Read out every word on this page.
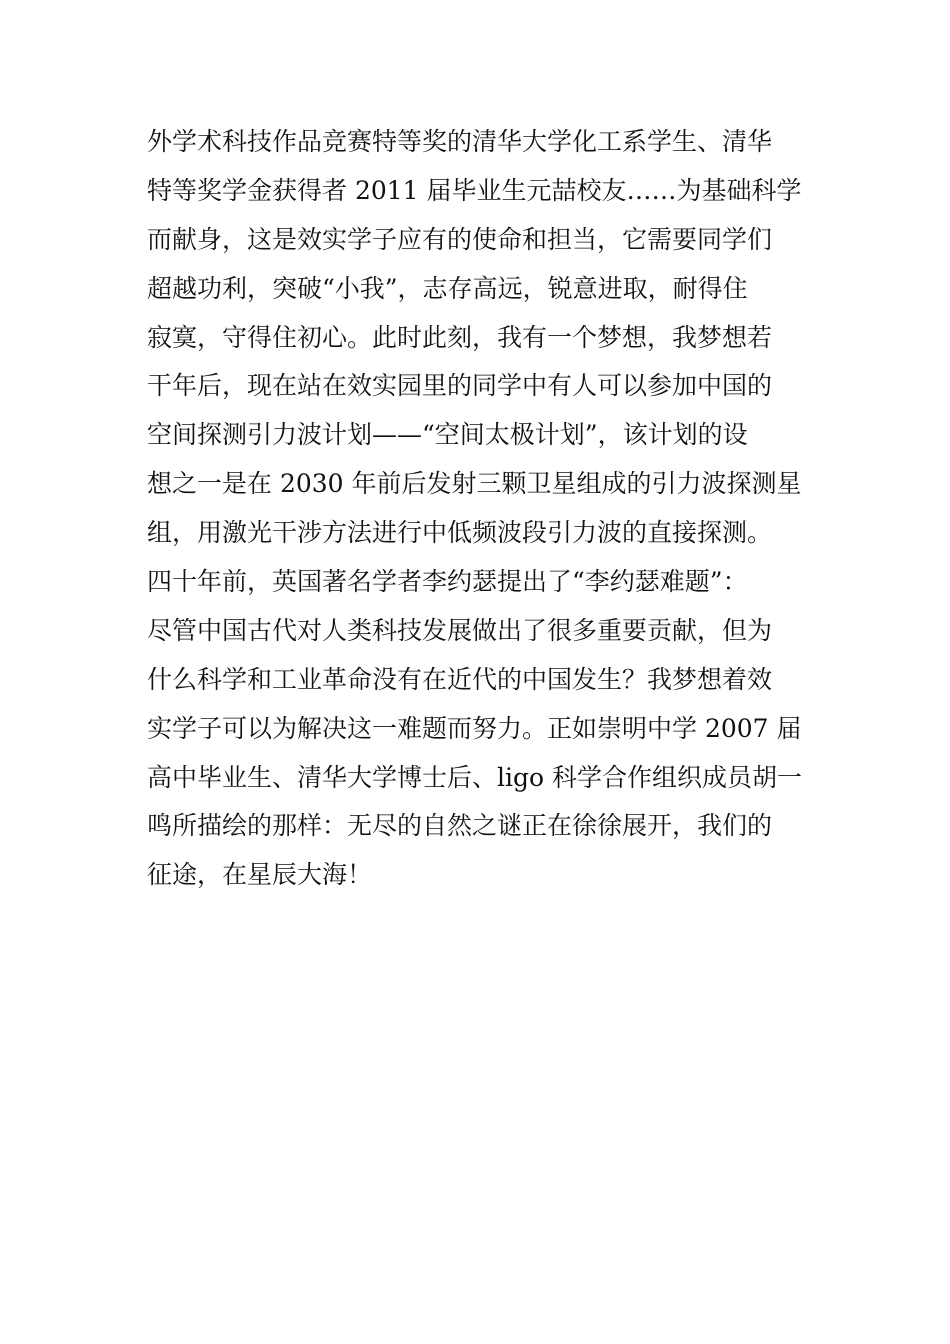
外学术科技作品竞赛特等奖的清华大学化工系学生、清华
特等奖学金获得者 2011 届毕业生元喆校友……为基础科学
而献身，这是效实学子应有的使命和担当，它需要同学们
超越功利，突破“小我”，志存高远，锐意进取，耐得住
寂寞，守得住初心。此时此刻，我有一个梦想，我梦想若
干年后，现在站在效实园里的同学中有人可以参加中国的
空间探测引力波计划——“空间太极计划”，该计划的设
想之一是在 2030 年前后发射三颗卫星组成的引力波探测星
组，用激光干涉方法进行中低频波段引力波的直接探测。
四十年前，英国著名学者李约瑟提出了“李约瑟难题”：
尽管中国古代对人类科技发展做出了很多重要贡献，但为
什么科学和工业革命没有在近代的中国发生？我梦想着效
实学子可以为解决这一难题而努力。正如崇明中学 2007 届
高中毕业生、清华大学博士后、ligo 科学合作组织成员胡一
鸣所描绘的那样：无尽的自然之谜正在徐徐展开，我们的
征途，在星辰大海！
